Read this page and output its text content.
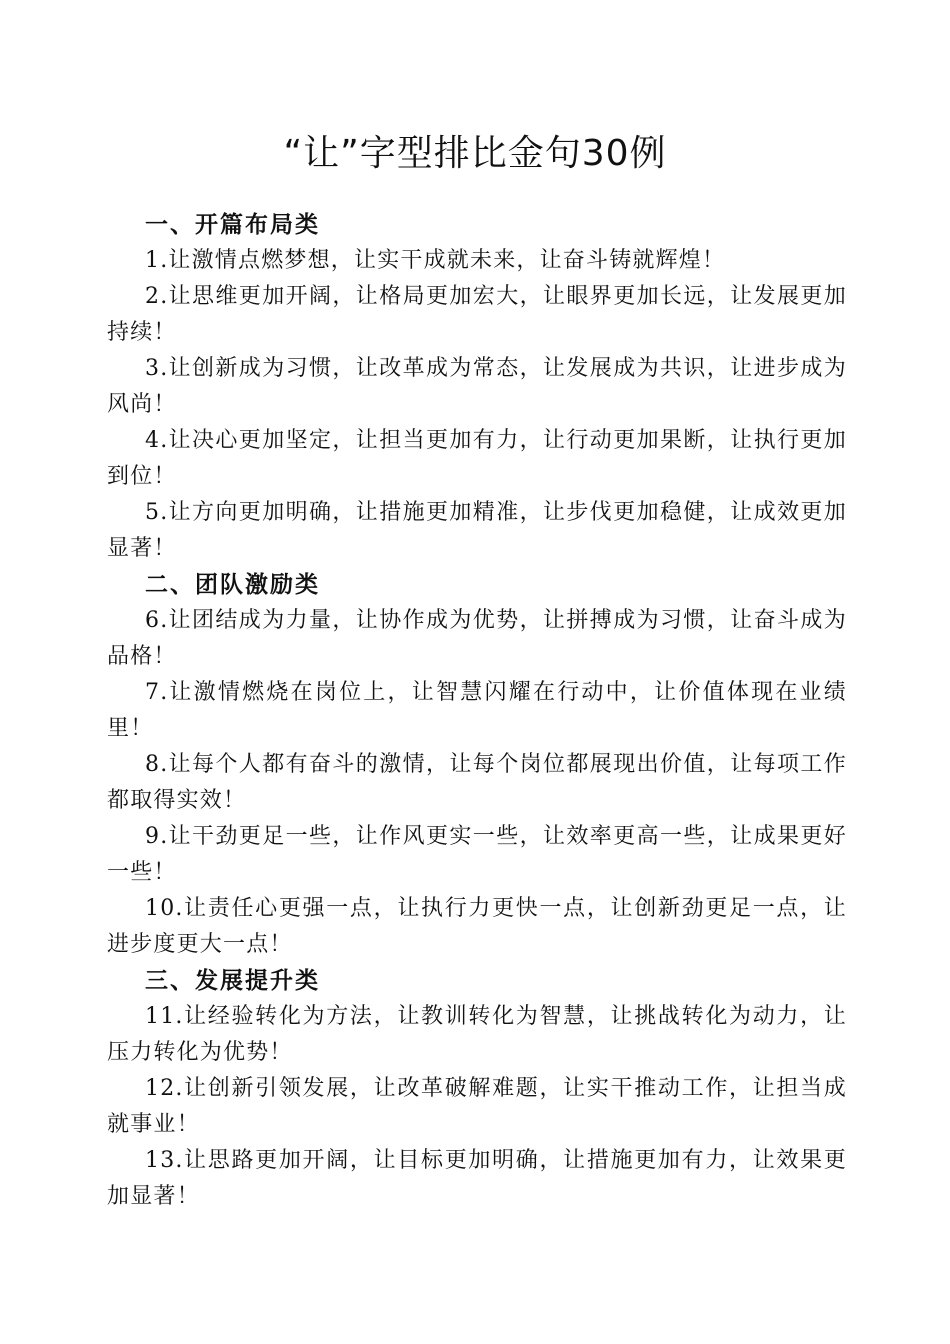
“让”字型排比金句30例

一、开篇布局类

1.让激情点燃梦想，让实干成就未来，让奋斗铸就辉煌！

2.让思维更加开阔，让格局更加宏大，让眼界更加长远，让发展更加持续！

3.让创新成为习惯，让改革成为常态，让发展成为共识，让进步成为风尚！

4.让决心更加坚定，让担当更加有力，让行动更加果断，让执行更加到位！

5.让方向更加明确，让措施更加精准，让步伐更加稳健，让成效更加显著！

二、团队激励类

6.让团结成为力量，让协作成为优势，让拼搏成为习惯，让奋斗成为品格！

7.让激情燃烧在岗位上，让智慧闪耀在行动中，让价值体现在业绩里！

8.让每个人都有奋斗的激情，让每个岗位都展现出价值，让每项工作都取得实效！

9.让干劲更足一些，让作风更实一些，让效率更高一些，让成果更好一些！

10.让责任心更强一点，让执行力更快一点，让创新劲更足一点，让进步度更大一点！

三、发展提升类

11.让经验转化为方法，让教训转化为智慧，让挑战转化为动力，让压力转化为优势！

12.让创新引领发展，让改革破解难题，让实干推动工作，让担当成就事业！

13.让思路更加开阔，让目标更加明确，让措施更加有力，让效果更加显著！
